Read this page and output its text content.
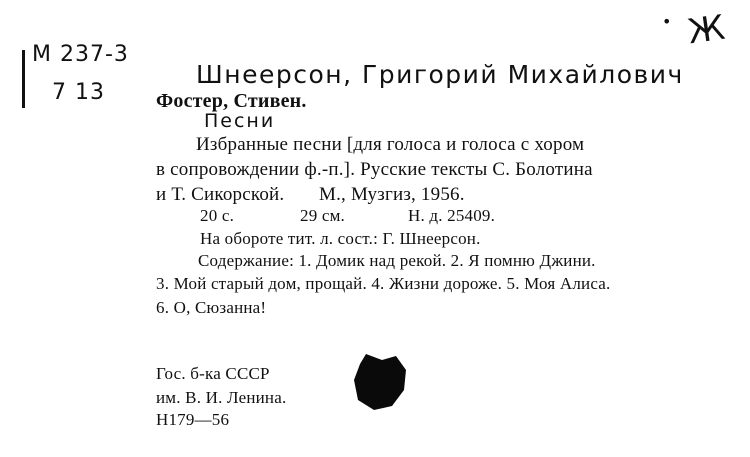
М 237-3
7 13
• Ж
Шнеерсон, Григорий Михайлович
Фостер, Стивен.
Песни
Избранные песни [для голоса и голоса с хором
в сопровождении ф.-п.]. Русские тексты С. Болотина
и Т. Сикорской.       М., Музгиз, 1956.
20 с.	29 см.	Н. д. 25409.
На обороте тит. л. сост.: Г. Шнеерсон.
Содержание: 1. Домик над рекой. 2. Я помню Джини.
3. Мой старый дом, прощай. 4. Жизни дороже. 5. Моя Алиса.
6. О, Сюзанна!
Гос. б-ка СССР
им. В. И. Ленина.
Н179—56
